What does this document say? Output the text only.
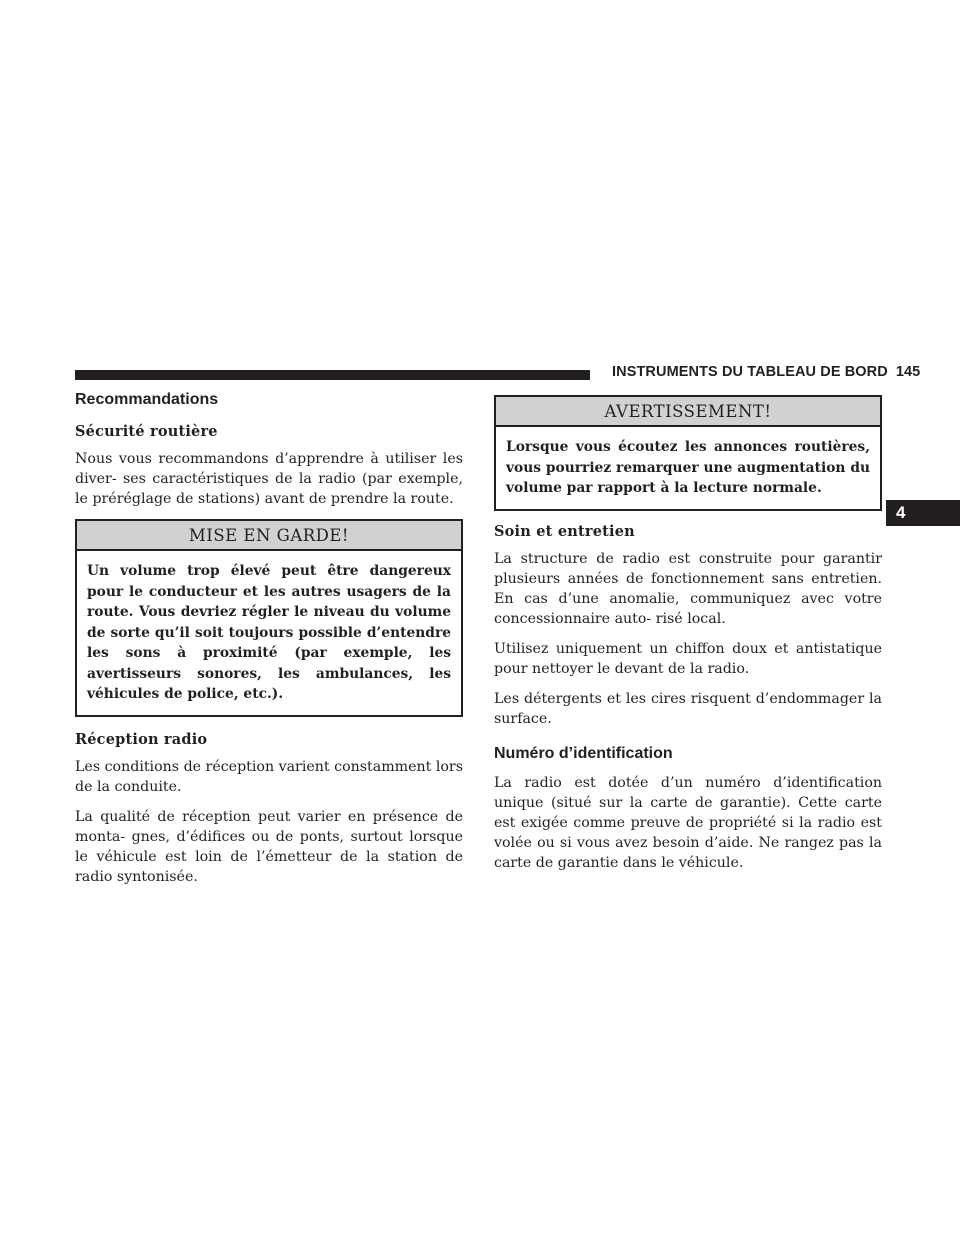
INSTRUMENTS DU TABLEAU DE BORD 145
4
Recommandations
Sécurité routière

Nous vous recommandons d’apprendre à utiliser les diver- ses caractéristiques de la radio (par exemple, le préréglage de stations) avant de prendre la route.

MISE EN GARDE!
Un volume trop élevé peut être dangereux pour le conducteur et les autres usagers de la route. Vous devriez régler le niveau du volume de sorte qu’il soit toujours possible d’entendre les sons à proximité (par exemple, les avertisseurs sonores, les ambulances, les véhicules de police, etc.).
Réception radio

Les conditions de réception varient constamment lors de la conduite.

La qualité de réception peut varier en présence de monta- gnes, d’édifices ou de ponts, surtout lorsque le véhicule est loin de l’émetteur de la station de radio syntonisée.

AVERTISSEMENT!
Lorsque vous écoutez les annonces routières, vous pourriez remarquer une augmentation du volume par rapport à la lecture normale.
Soin et entretien

La structure de radio est construite pour garantir plusieurs années de fonctionnement sans entretien. En cas d’une anomalie, communiquez avec votre concessionnaire auto- risé local.

Utilisez uniquement un chiffon doux et antistatique pour nettoyer le devant de la radio.

Les détergents et les cires risquent d’endommager la surface.

Numéro d’identification

La radio est dotée d’un numéro d’identification unique (situé sur la carte de garantie). Cette carte est exigée comme preuve de propriété si la radio est volée ou si vous avez besoin d’aide. Ne rangez pas la carte de garantie dans le véhicule.
